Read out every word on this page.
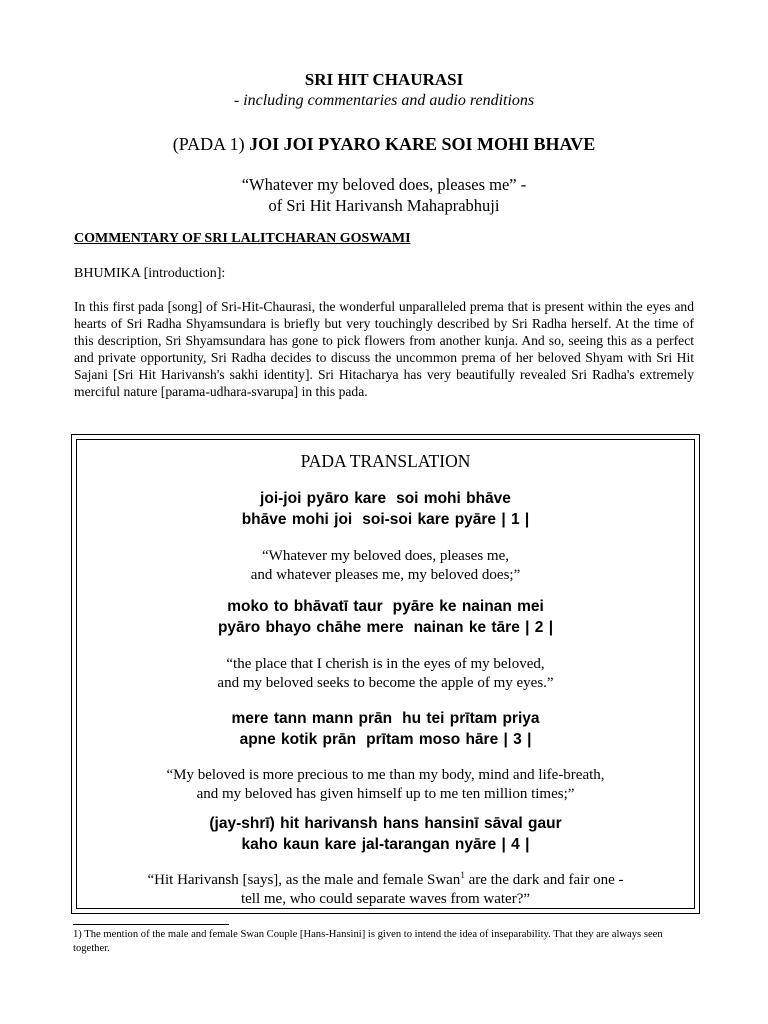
SRI HIT CHAURASI
- including commentaries and audio renditions
(PADA 1) JOI JOI PYARO KARE SOI MOHI BHAVE
“Whatever my beloved does, pleases me” -
of Sri Hit Harivansh Mahaprabhuji
COMMENTARY OF SRI LALITCHARAN GOSWAMI
BHUMIKA [introduction]:
In this first pada [song] of Sri-Hit-Chaurasi, the wonderful unparalleled prema that is present within the eyes and hearts of Sri Radha Shyamsundara is briefly but very touchingly described by Sri Radha herself. At the time of this description, Sri Shyamsundara has gone to pick flowers from another kunja. And so, seeing this as a perfect and private opportunity, Sri Radha decides to discuss the uncommon prema of her beloved Shyam with Sri Hit Sajani [Sri Hit Harivansh's sakhi identity]. Sri Hitacharya has very beautifully revealed Sri Radha's extremely merciful nature [parama-udhara-svarupa] in this pada.
PADA TRANSLATION
joi-joi pyāro kare soi mohi bhāve
bhāve mohi joi soi-soi kare pyāre | 1 |
“Whatever my beloved does, pleases me,
and whatever pleases me, my beloved does;”
moko to bhāvatī taur pyāre ke nainan mei
pyāro bhayo chāhe mere nainan ke tāre | 2 |
“the place that I cherish is in the eyes of my beloved,
and my beloved seeks to become the apple of my eyes.”
mere tann mann prān hu tei prītam priya
apne kotik prān prītam moso hāre | 3 |
“My beloved is more precious to me than my body, mind and life-breath,
and my beloved has given himself up to me ten million times;”
(jay-shrī) hit harivansh hans hansinī sāval gaur
kaho kaun kare jal-tarangan nyāre | 4 |
“Hit Harivansh [says], as the male and female Swan$^1$ are the dark and fair one -
tell me, who could separate waves from water?”
1) The mention of the male and female Swan Couple [Hans-Hansini] is given to intend the idea of inseparability. That they are always seen together.
